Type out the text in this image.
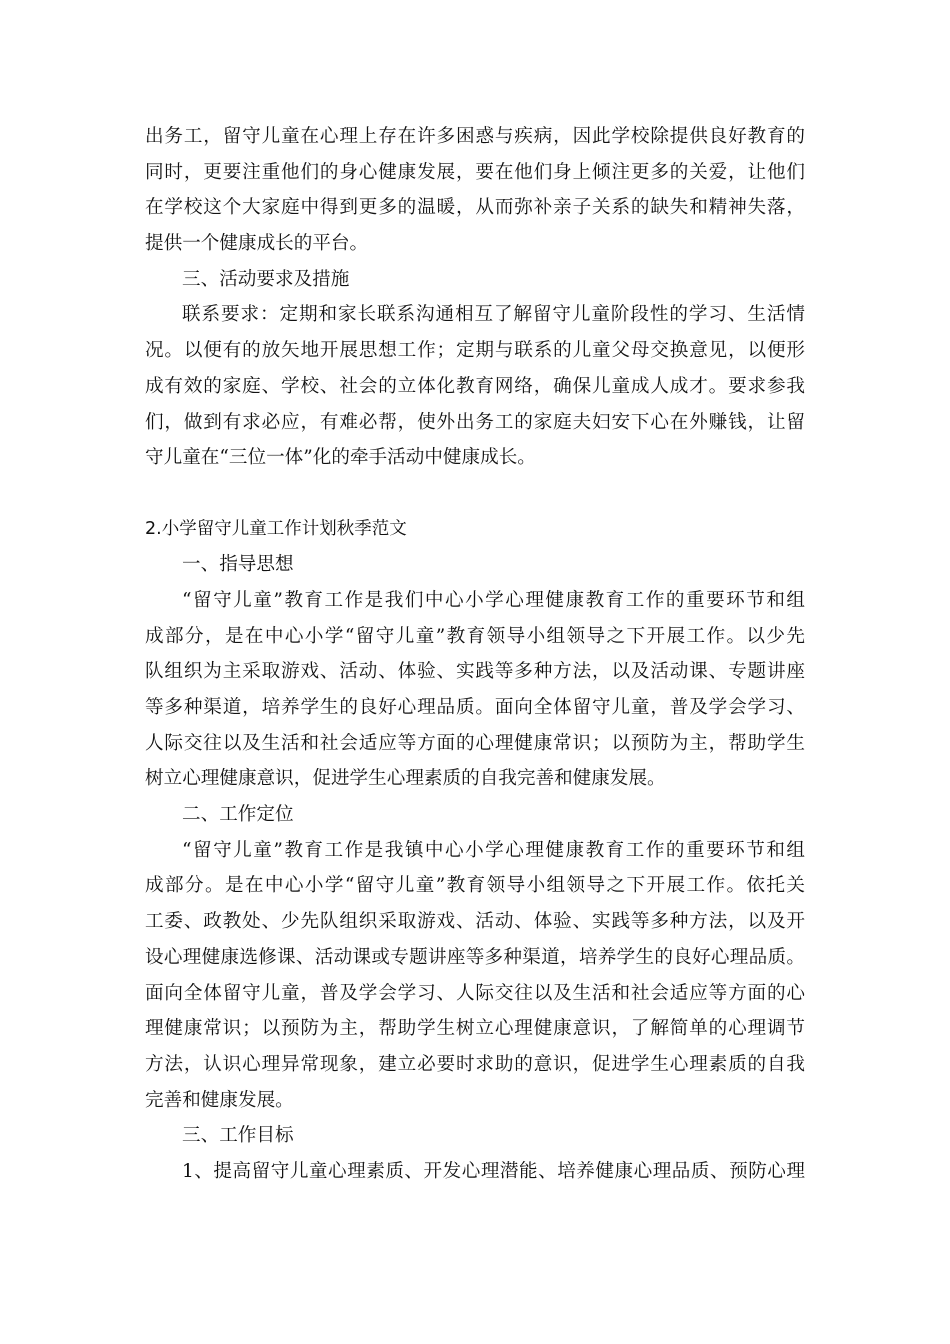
出务工，留守儿童在心理上存在许多困惑与疾病，因此学校除提供良好教育的
同时，更要注重他们的身心健康发展，要在他们身上倾注更多的关爱，让他们
在学校这个大家庭中得到更多的温暖，从而弥补亲子关系的缺失和精神失落，
提供一个健康成长的平台。
三、活动要求及措施
联系要求：定期和家长联系沟通相互了解留守儿童阶段性的学习、生活情
况。以便有的放矢地开展思想工作；定期与联系的儿童父母交换意见，以便形
成有效的家庭、学校、社会的立体化教育网络，确保儿童成人成才。要求参我
们，做到有求必应，有难必帮，使外出务工的家庭夫妇安下心在外赚钱，让留
守儿童在“三位一体”化的牵手活动中健康成长。
2.小学留守儿童工作计划秋季范文
一、指导思想
“留守儿童”教育工作是我们中心小学心理健康教育工作的重要环节和组
成部分，是在中心小学“留守儿童”教育领导小组领导之下开展工作。以少先
队组织为主采取游戏、活动、体验、实践等多种方法，以及活动课、专题讲座
等多种渠道，培养学生的良好心理品质。面向全体留守儿童，普及学会学习、
人际交往以及生活和社会适应等方面的心理健康常识；以预防为主，帮助学生
树立心理健康意识，促进学生心理素质的自我完善和健康发展。
二、工作定位
“留守儿童”教育工作是我镇中心小学心理健康教育工作的重要环节和组
成部分。是在中心小学“留守儿童”教育领导小组领导之下开展工作。依托关
工委、政教处、少先队组织采取游戏、活动、体验、实践等多种方法，以及开
设心理健康选修课、活动课或专题讲座等多种渠道，培养学生的良好心理品质。
面向全体留守儿童，普及学会学习、人际交往以及生活和社会适应等方面的心
理健康常识；以预防为主，帮助学生树立心理健康意识，了解简单的心理调节
方法，认识心理异常现象，建立必要时求助的意识，促进学生心理素质的自我
完善和健康发展。
三、工作目标
1、提高留守儿童心理素质、开发心理潜能、培养健康心理品质、预防心理
